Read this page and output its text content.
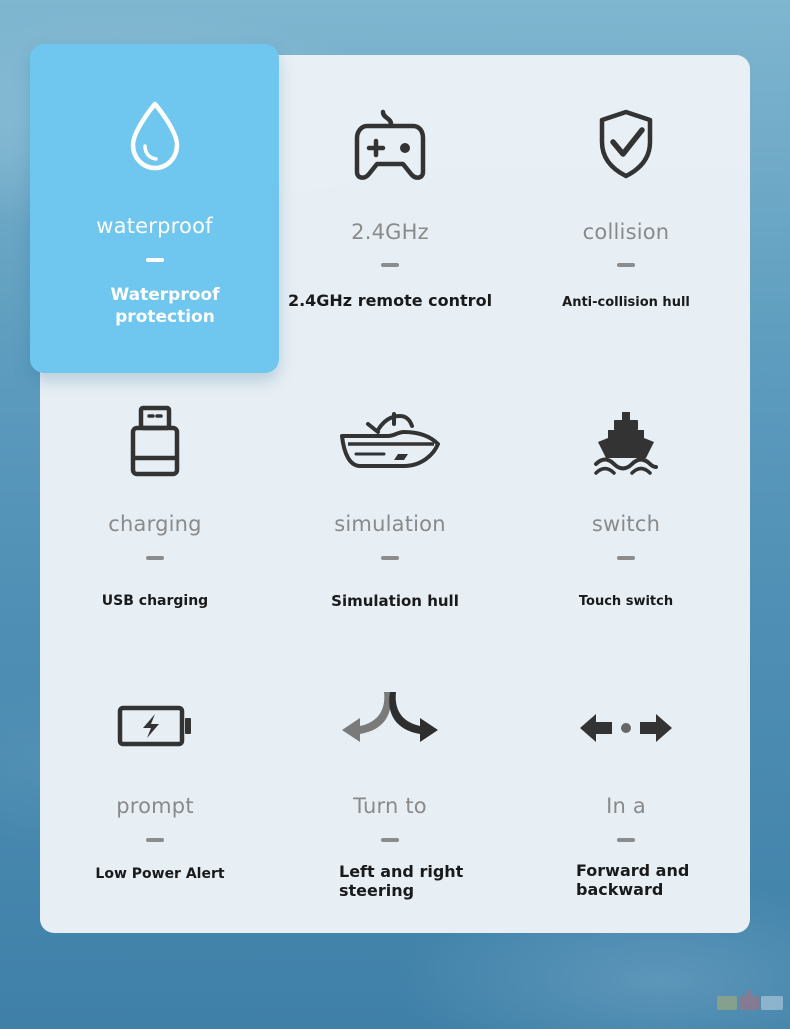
waterproof
Waterproof
protection
2.4GHz
2.4GHz remote control
collision
Anti-collision hull
charging
USB charging
simulation
Simulation hull
switch
Touch switch
prompt
Low Power Alert
Turn to
Left and right
steering
In a
Forward and
backward
